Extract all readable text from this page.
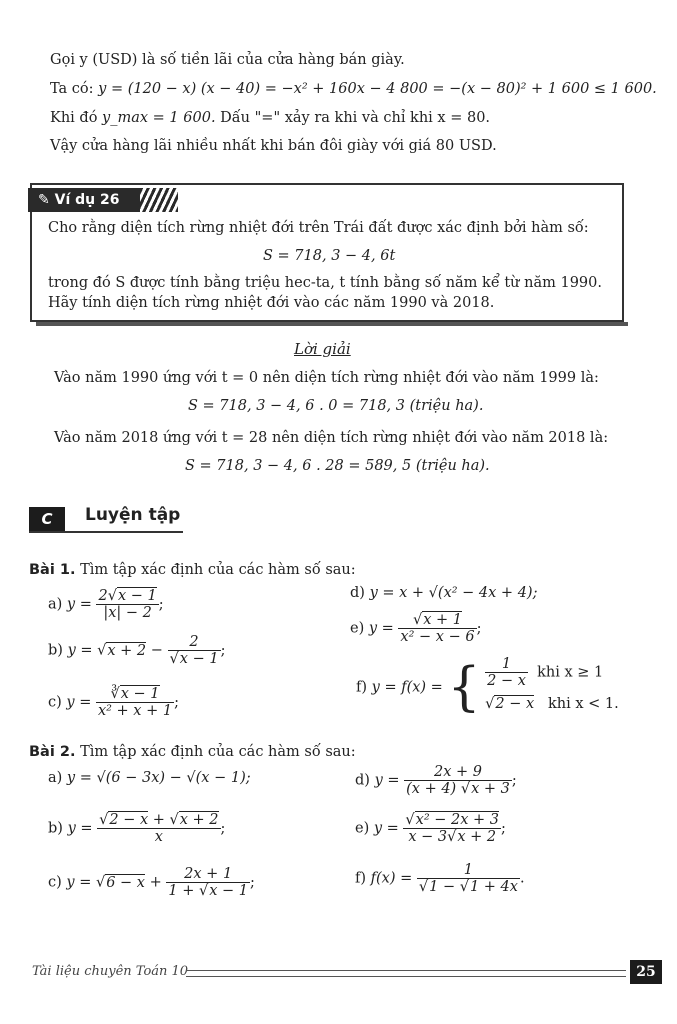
Gọi y (USD) là số tiền lãi của cửa hàng bán giày.
Ta có: y = (120 − x) (x − 40) = −x² + 160x − 4 800 = −(x − 80)² + 1 600 ≤ 1 600.
Khi đó y_max = 1 600. Dấu "=" xảy ra khi và chỉ khi x = 80.
Vậy cửa hàng lãi nhiều nhất khi bán đôi giày với giá 80 USD.
✎ Ví dụ 26
Cho rằng diện tích rừng nhiệt đới trên Trái đất được xác định bởi hàm số:
S = 718, 3 − 4, 6t
trong đó S được tính bằng triệu hec-ta, t tính bằng số năm kể từ năm 1990.
Hãy tính diện tích rừng nhiệt đới vào các năm 1990 và 2018.
Lời giải
Vào năm 1990 ứng với t = 0 nên diện tích rừng nhiệt đới vào năm 1999 là:
S = 718, 3 − 4, 6 . 0 = 718, 3 (triệu ha).
Vào năm 2018 ứng với t = 28 nên diện tích rừng nhiệt đới vào năm 2018 là:
S = 718, 3 − 4, 6 . 28 = 589, 5 (triệu ha).
C	Luyện tập
Bài 1. Tìm tập xác định của các hàm số sau:
a) $y = \frac{2√x - 1}{|x| - 2}$ ;
d) y = x + √(x² − 4x + 4);
b) $y = √x + 2 - \frac{2}{√x - 1}$ ;
e) $y = \frac{√x + 1}{\text{x² − x − 6}}$ ;
c) $y = \frac{∛x - 1}{\text{x² + x + 1}}$ ;
f) y = f(x) = { $\frac{1}{2 - x}$ khi x ≥ 1
√2 − x khi x < 1.
Bài 2. Tìm tập xác định của các hàm số sau:
a) y = √(6 − 3x) − √(x − 1);	d) $y = \frac{2x + 9}{(x + 4) √x + 3}$ ;
b) $y = \frac{√2 - x + √x + 2}{x}$ ;	e) $y = \frac{\text{√x² − 2x + 3}}{x - 3√x + 2}$ ;
c) $y = √6 - x + \frac{2x + 1}{1 + √x - 1}$ ;	f) $f(x) = \frac{1}{√1 - √1 + 4x}$ .
Tài liệu chuyên Toán 10	25
